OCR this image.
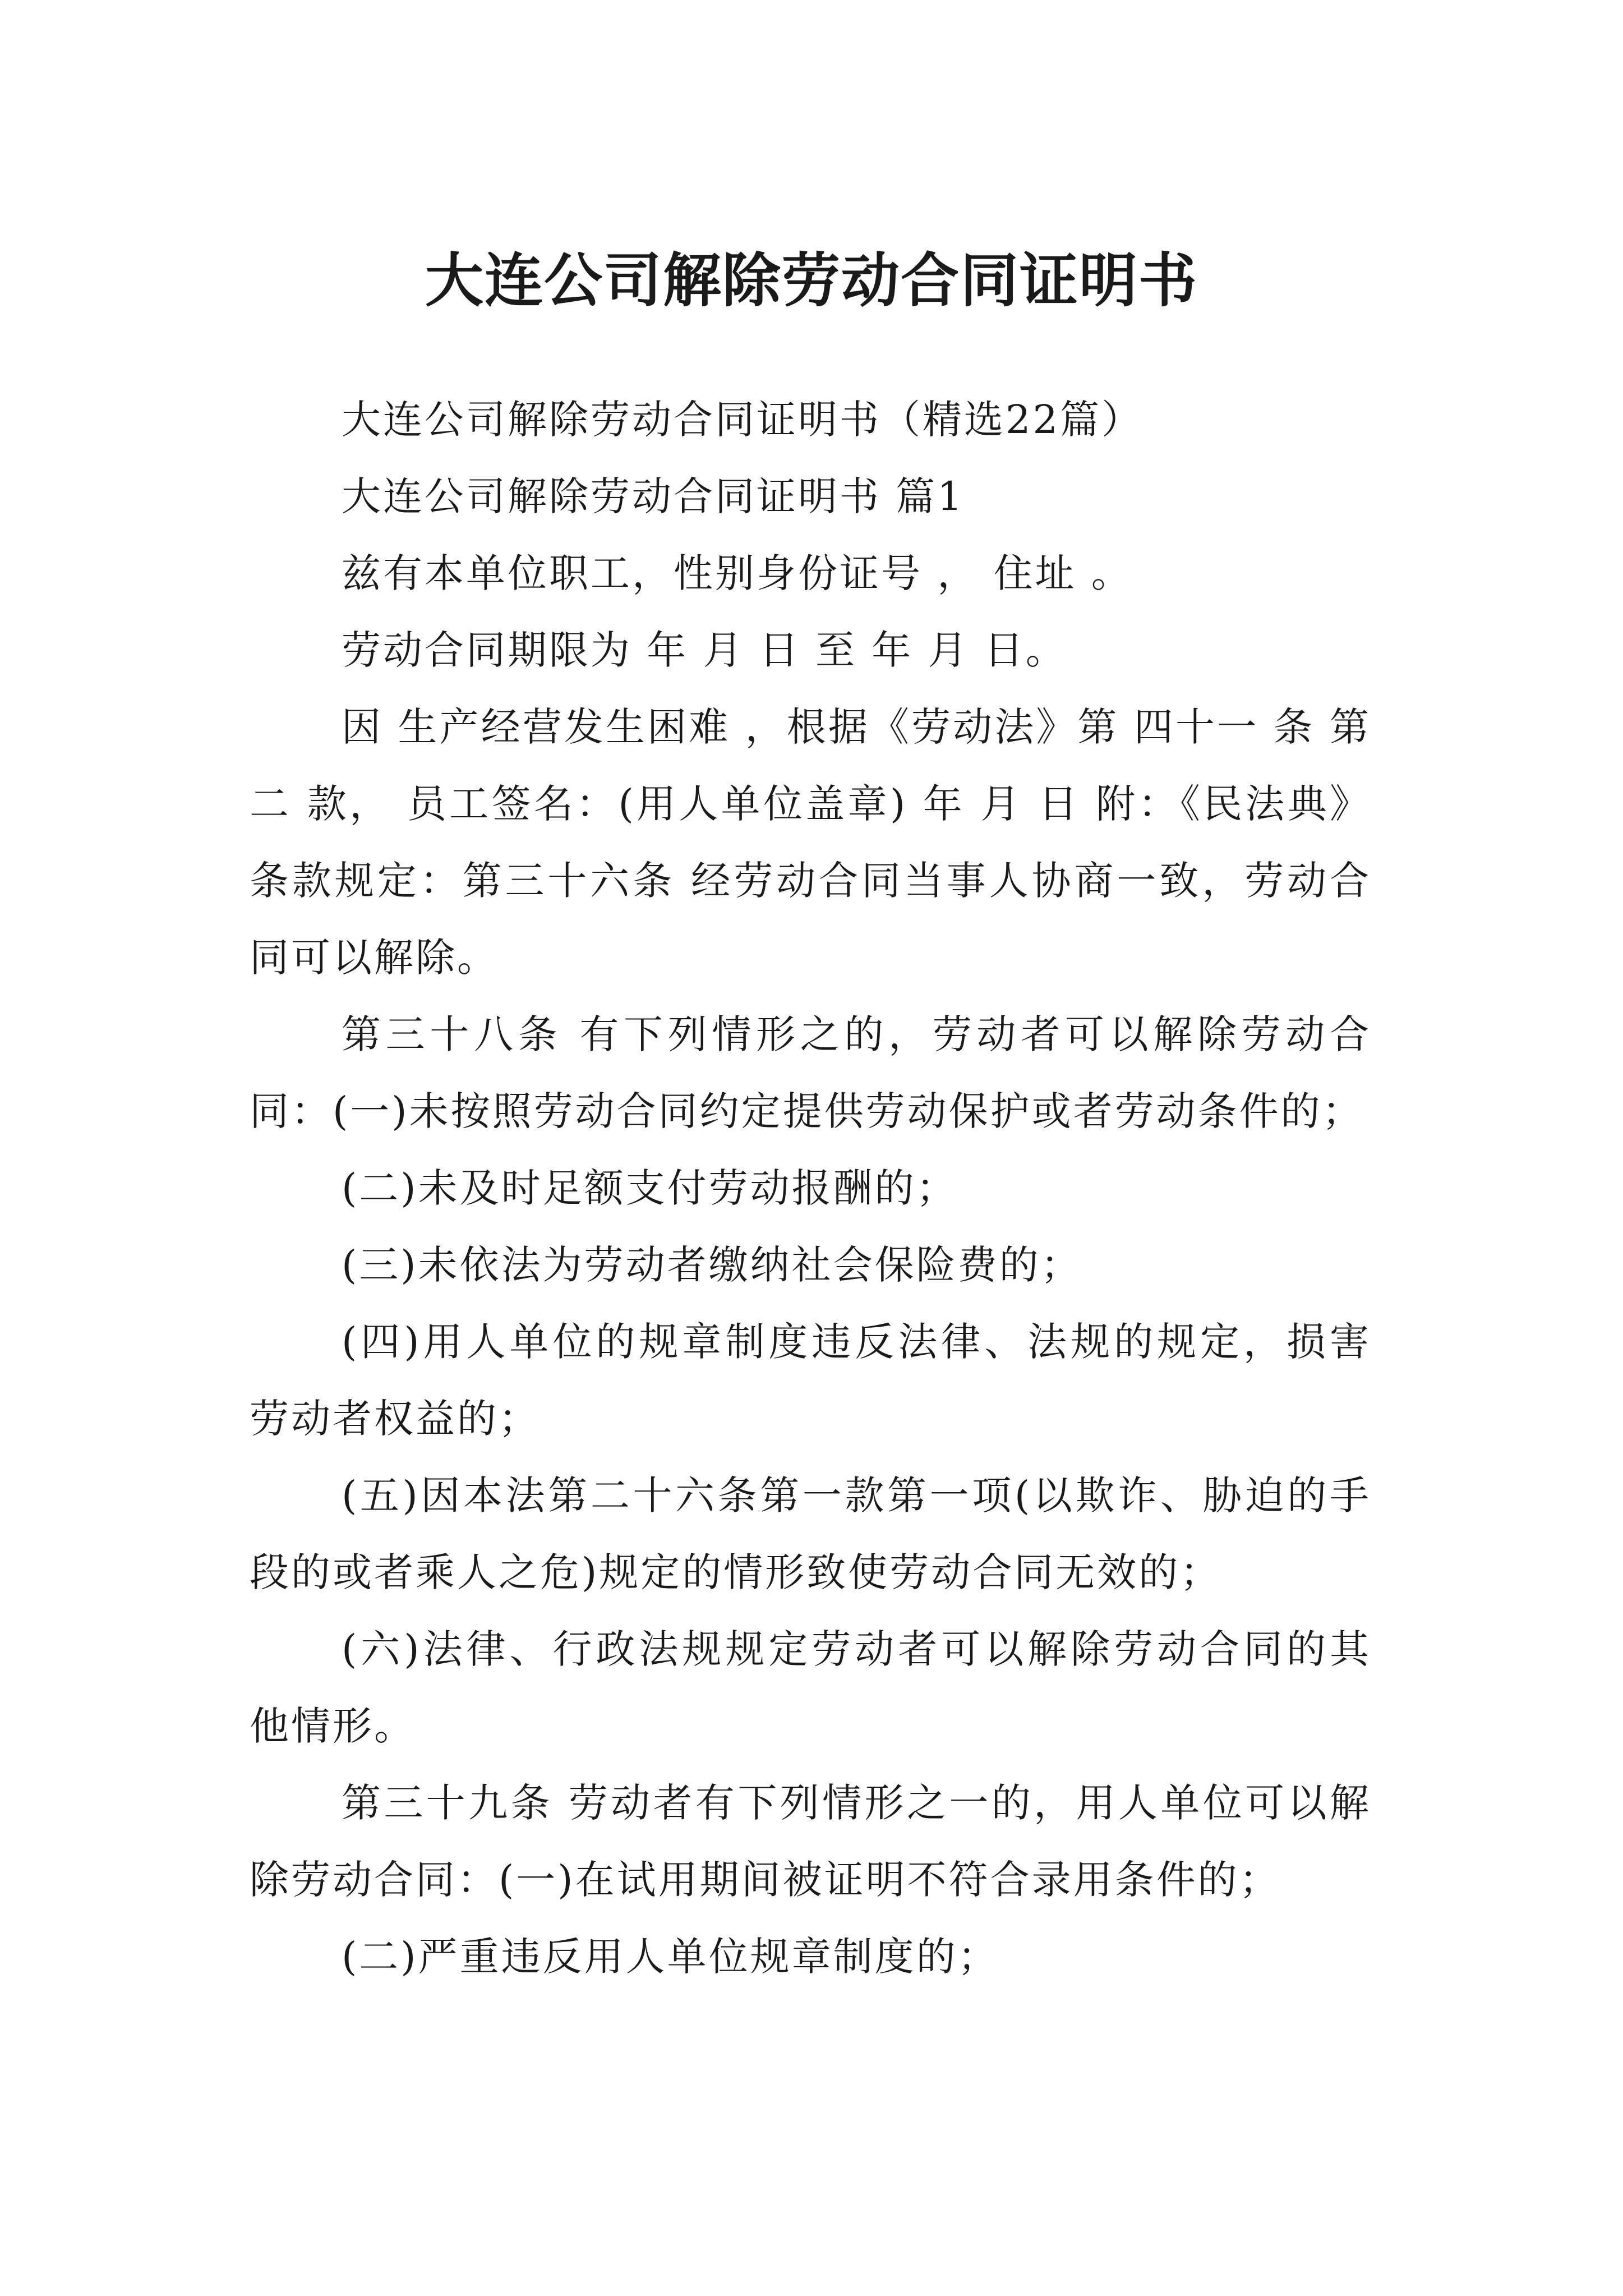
大连公司解除劳动合同证明书

大连公司解除劳动合同证明书（精选22篇）

大连公司解除劳动合同证明书 篇1

兹有本单位职工，性别身份证号 ， 住址 。

劳动合同期限为 年 月 日 至 年 月 日。

因 生产经营发生困难 ，根据《劳动法》第 四十一 条 第 二 款， 员工签名：(用人单位盖章) 年 月 日 附：《民法典》条款规定：第三十六条 经劳动合同当事人协商一致，劳动合同可以解除。

第三十八条 有下列情形之的，劳动者可以解除劳动合同：(一)未按照劳动合同约定提供劳动保护或者劳动条件的；

(二)未及时足额支付劳动报酬的；

(三)未依法为劳动者缴纳社会保险费的；

(四)用人单位的规章制度违反法律、法规的规定，损害劳动者权益的；

(五)因本法第二十六条第一款第一项(以欺诈、胁迫的手段的或者乘人之危)规定的情形致使劳动合同无效的；

(六)法律、行政法规规定劳动者可以解除劳动合同的其他情形。

第三十九条 劳动者有下列情形之一的，用人单位可以解除劳动合同：(一)在试用期间被证明不符合录用条件的；

(二)严重违反用人单位规章制度的；
